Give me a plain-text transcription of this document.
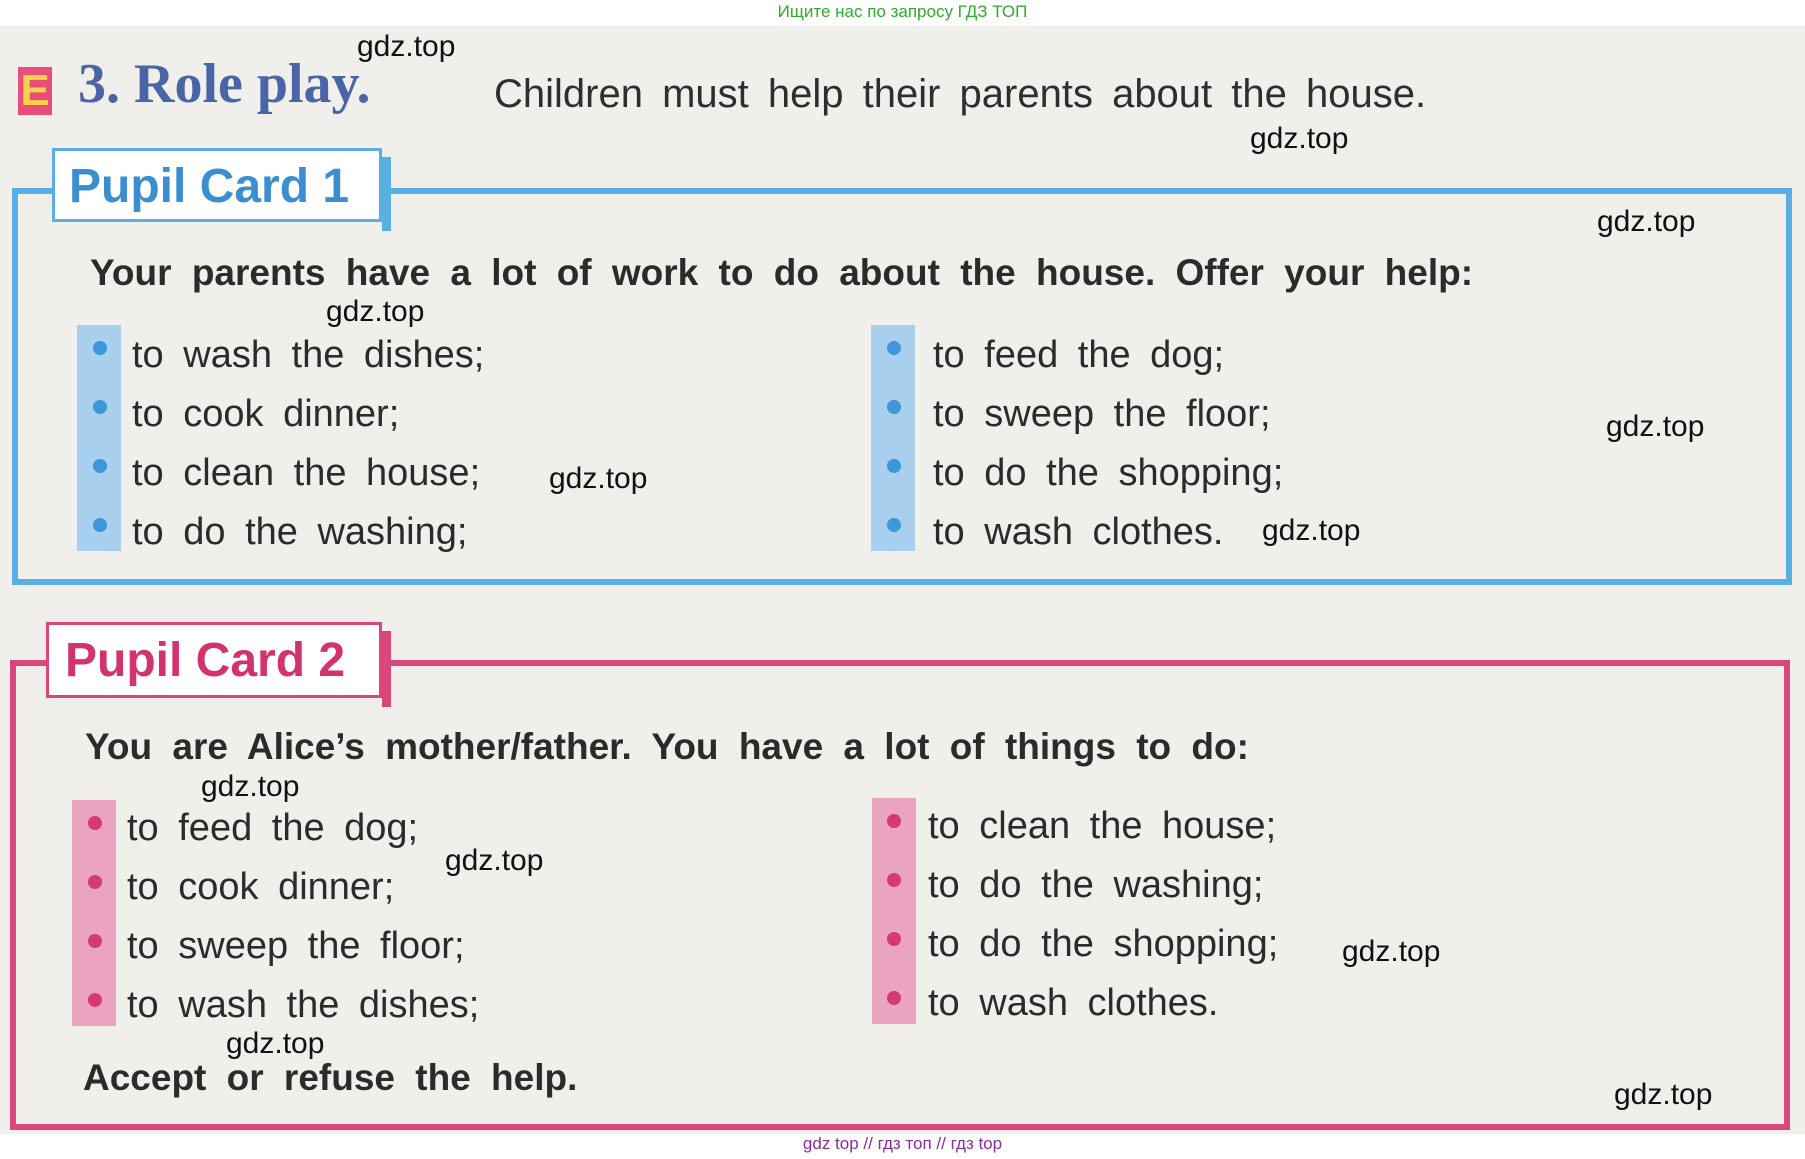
Ищите нас по запросу ГДЗ ТОП
E 3. Role play.	Children must help their parents about the house.
Pupil Card 1
Your parents have a lot of work to do about the house. Offer your help:
to wash the dishes;
to cook dinner;
to clean the house;
to do the washing;
to feed the dog;
to sweep the floor;
to do the shopping;
to wash clothes.
Pupil Card 2
You are Alice’s mother/father. You have a lot of things to do:
to feed the dog;
to cook dinner;
to sweep the floor;
to wash the dishes;
to clean the house;
to do the washing;
to do the shopping;
to wash clothes.
Accept or refuse the help.
gdz.top
gdz.top
gdz.top
gdz.top
gdz.top
gdz.top
gdz.top
gdz.top
gdz.top
gdz.top
gdz.top
gdz.top
gdz top // гдз топ // гдз top
